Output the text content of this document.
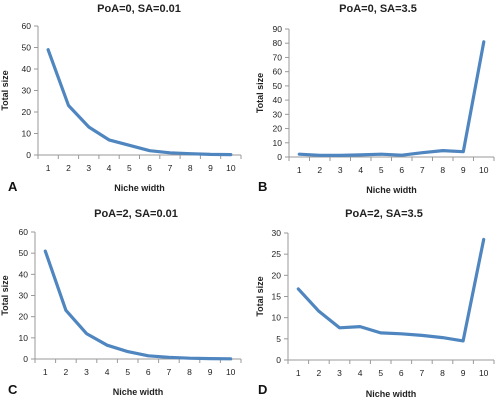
PoA=0, SA=0.01
0
10
20
30
40
50
60
1 2 3 4 5 6 7 8 9 10
Niche width
Total size
A
PoA=0, SA=3.5
0
10
20
30
40
50
60
70
80
90
1 2 3 4 5 6 7 8 9 10
Niche width
Total size
B
PoA=2, SA=0.01
0
10
20
30
40
50
60
1 2 3 4 5 6 7 8 9 10
Niche width
Total size
C
PoA=2, SA=3.5
0
5
10
15
20
25
30
1 2 3 4 5 6 7 8 9 10
Niche width
Total size
D
